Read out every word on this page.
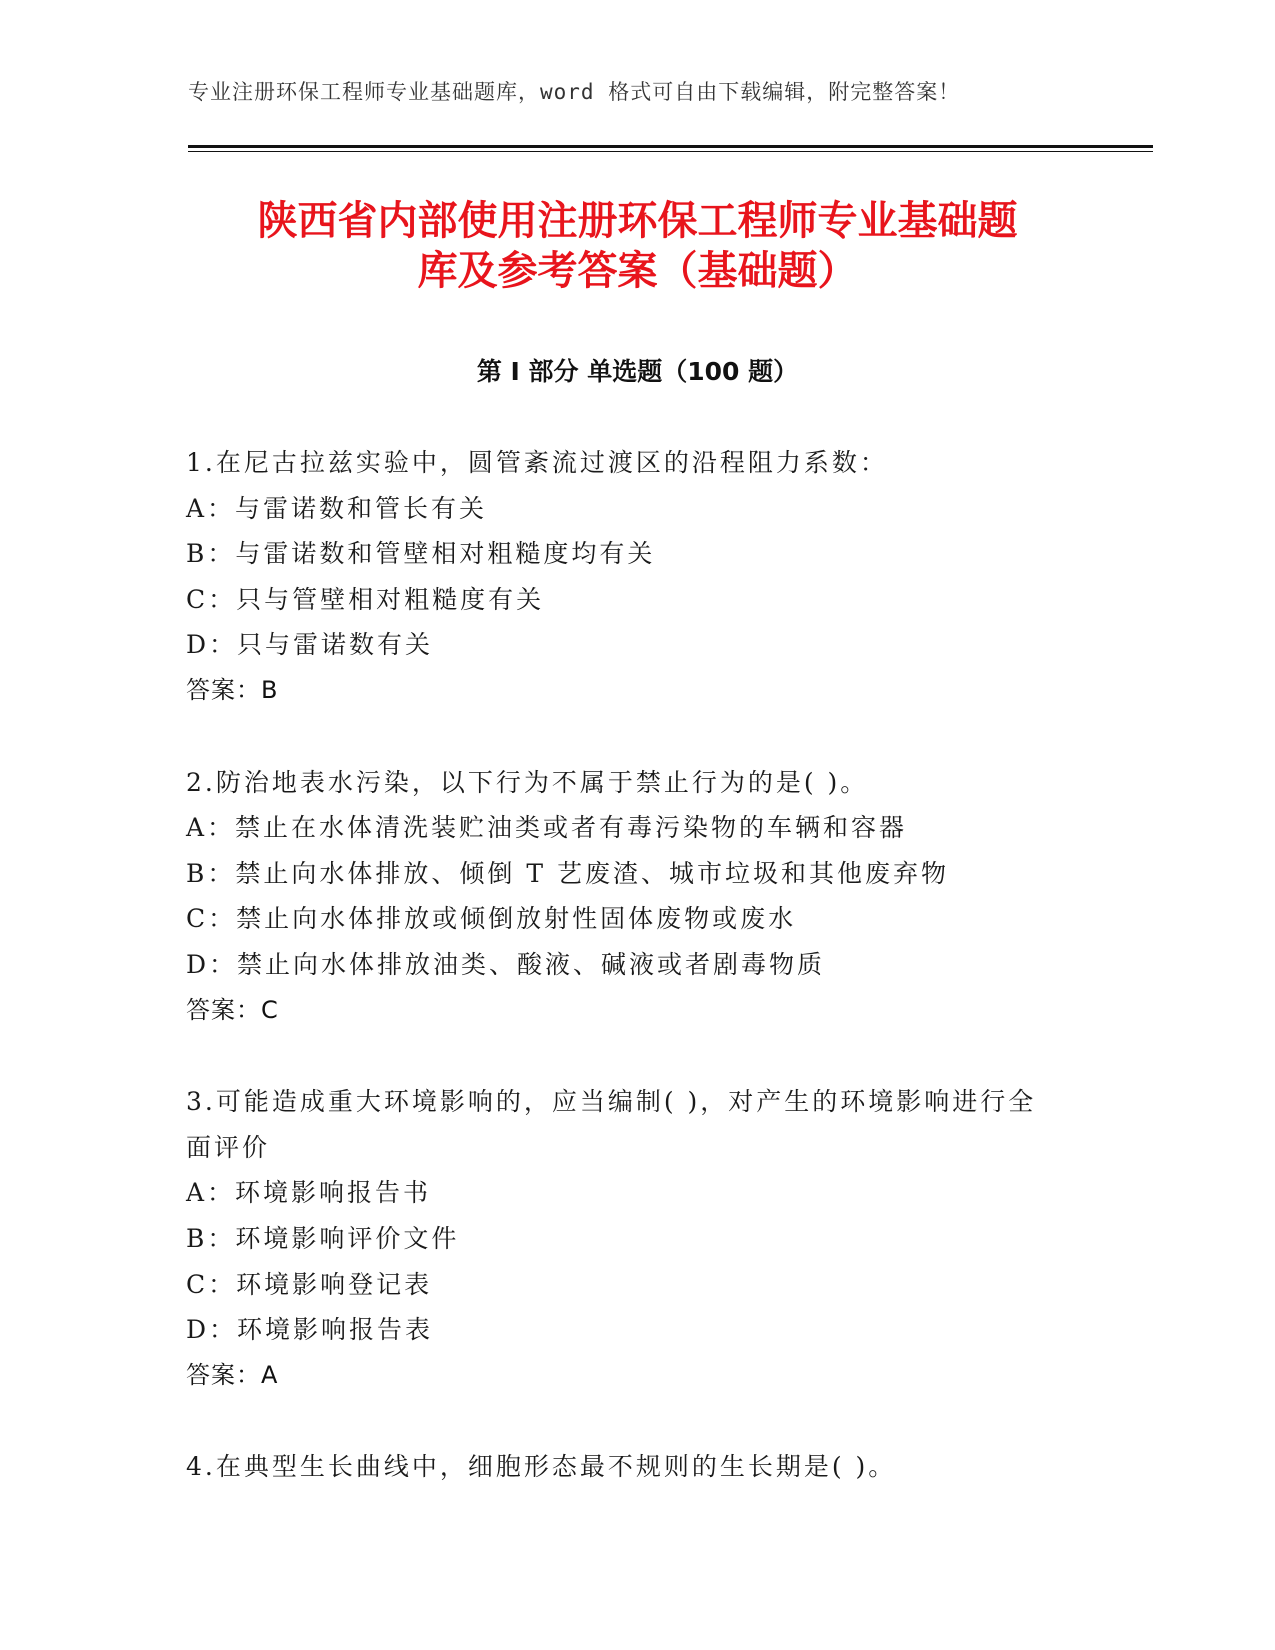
专业注册环保工程师专业基础题库，word 格式可自由下载编辑，附完整答案！
陕西省内部使用注册环保工程师专业基础题
库及参考答案（基础题）
第 I 部分 单选题（100 题）
1.在尼古拉兹实验中，圆管紊流过渡区的沿程阻力系数：
A：与雷诺数和管长有关
B：与雷诺数和管壁相对粗糙度均有关
C：只与管壁相对粗糙度有关
D：只与雷诺数有关
答案：B
2.防治地表水污染，以下行为不属于禁止行为的是( )。
A：禁止在水体清洗装贮油类或者有毒污染物的车辆和容器
B：禁止向水体排放、倾倒 T 艺废渣、城市垃圾和其他废弃物
C：禁止向水体排放或倾倒放射性固体废物或废水
D：禁止向水体排放油类、酸液、碱液或者剧毒物质
答案：C
3.可能造成重大环境影响的，应当编制( )，对产生的环境影响进行全
面评价
A：环境影响报告书
B：环境影响评价文件
C：环境影响登记表
D：环境影响报告表
答案：A
4.在典型生长曲线中，细胞形态最不规则的生长期是( )。
